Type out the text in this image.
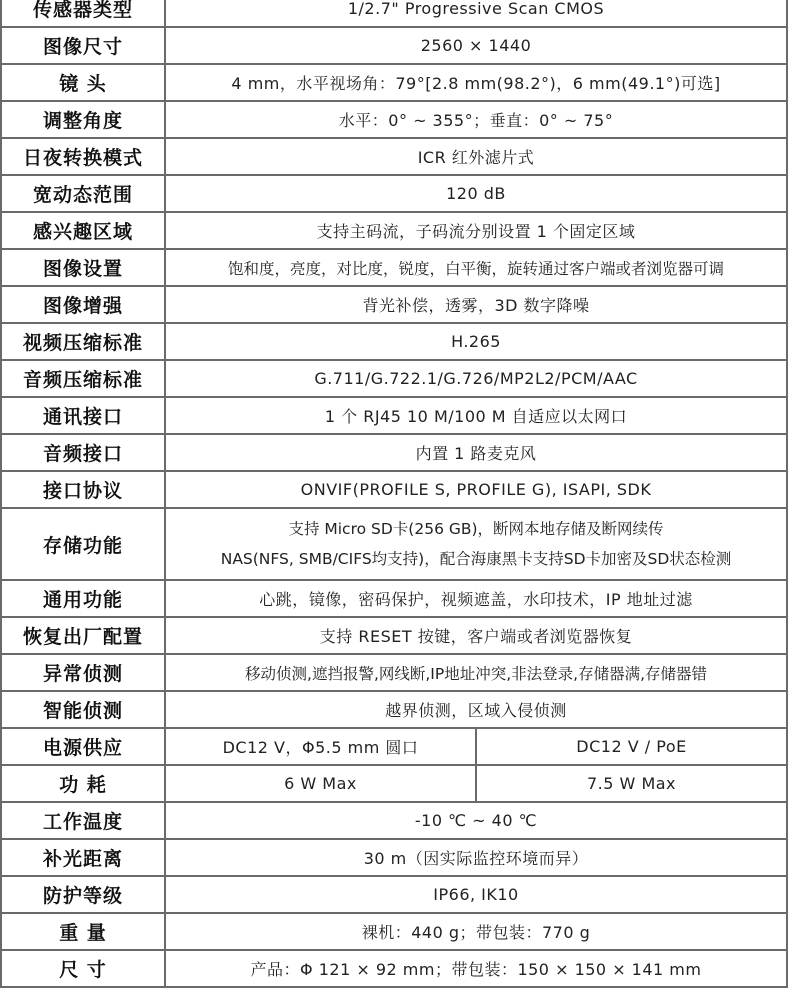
传感器类型	1/2.7" Progressive Scan CMOS	
图像尺寸	2560 × 1440	
镜 头	4 mm，水平视场角：79°[2.8 mm(98.2°)，6 mm(49.1°)可选]	
调整角度	水平：0° ~ 355°；垂直：0° ~ 75°	
日夜转换模式	ICR 红外滤片式	
宽动态范围	120 dB	
感兴趣区域	支持主码流，子码流分别设置 1 个固定区域	
图像设置	饱和度，亮度，对比度，锐度，白平衡，旋转通过客户端或者浏览器可调	
图像增强	背光补偿，透雾，3D 数字降噪	
视频压缩标准	H.265	
音频压缩标准	G.711/G.722.1/G.726/MP2L2/PCM/AAC	
通讯接口	1 个 RJ45 10 M/100 M 自适应以太网口	
音频接口	内置 1 路麦克风	
接口协议	ONVIF(PROFILE S, PROFILE G), ISAPI, SDK	
存储功能	支持 Micro SD卡(256 GB)，断网本地存储及断网续传
NAS(NFS, SMB/CIFS均支持)，配合海康黑卡支持SD卡加密及SD状态检测	

通用功能	心跳，镜像，密码保护，视频遮盖，水印技术，IP 地址过滤	
恢复出厂配置	支持 RESET 按键，客户端或者浏览器恢复	
异常侦测	移动侦测,遮挡报警,网线断,IP地址冲突,非法登录,存储器满,存储器错	
智能侦测	越界侦测，区域入侵侦测	
电源供应	DC12 V，Φ5.5 mm 圆口	DC12 V / PoE
功 耗	6 W Max	7.5 W Max
工作温度	-10 ℃ ~ 40 ℃	
补光距离	30 m（因实际监控环境而异）	
防护等级	IP66, IK10	
重 量	裸机：440 g；带包装：770 g	
尺 寸	产品：Φ 121 × 92 mm；带包装：150 × 150 × 141 mm	
